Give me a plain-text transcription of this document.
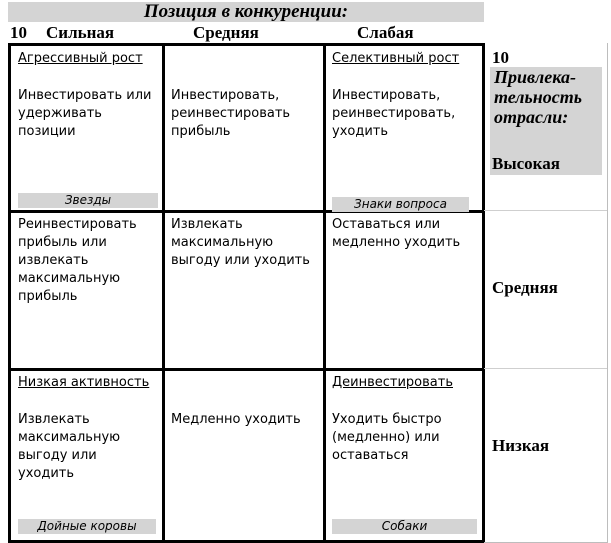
Позиция в конкуренции:
10 Сильная	Средняя	Слабая
Агрессивный рост
Инвестировать или
удерживать
позиции
Звезды
Инвестировать,
реинвестировать
прибыль
Селективный рост
Инвестировать,
реинвестировать,
уходить
Знаки вопроса
Реинвестировать
прибыль или
извлекать
максимальную
прибыль
Извлекать
максимальную
выгоду или уходить
Оставаться или
медленно уходить
Низкая активность
Извлекать
максимальную
выгоду или
уходить
Дойные коровы
Медленно уходить
Деинвестировать
Уходить быстро
(медленно) или
оставаться
Собаки
10
Привлека-
тельность
отрасли:
Высокая
Средняя
Низкая
